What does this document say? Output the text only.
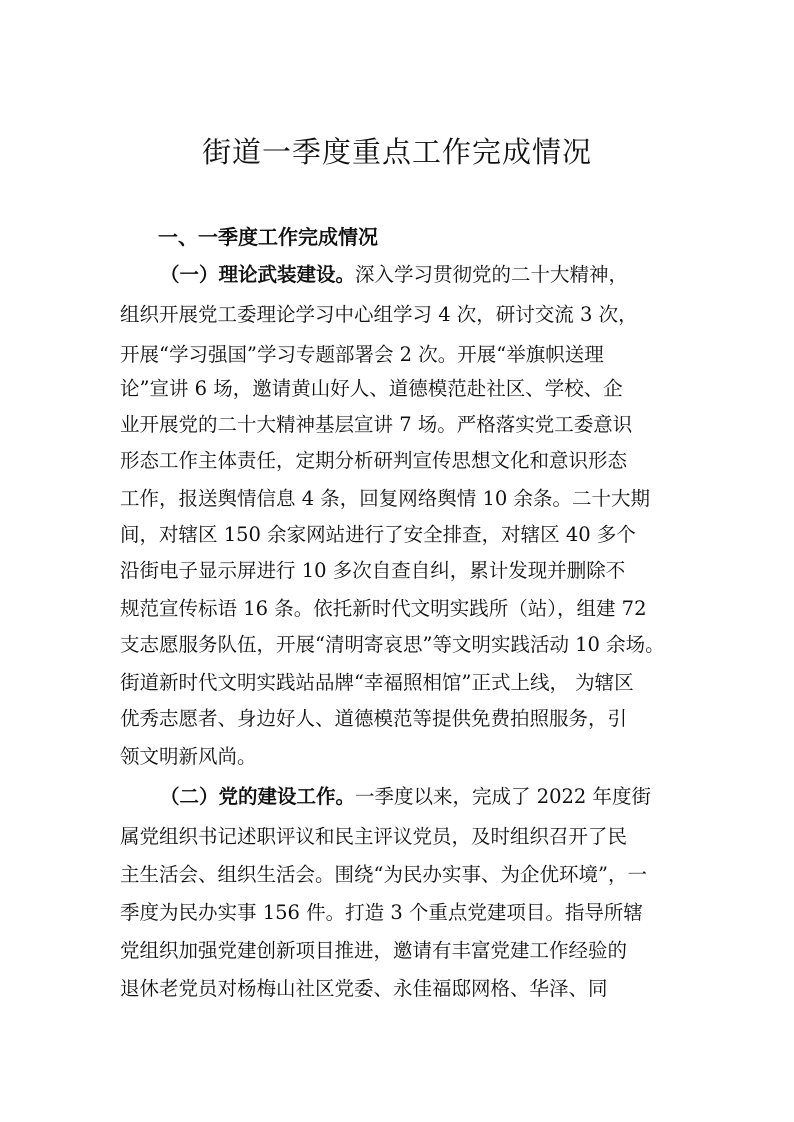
街道一季度重点工作完成情况
一、一季度工作完成情况
（一）理论武装建设。深入学习贯彻党的二十大精神，
组织开展党工委理论学习中心组学习 4 次，研讨交流 3 次，
开展“学习强国”学习专题部署会 2 次。开展“举旗帜送理
论”宣讲 6 场，邀请黄山好人、道德模范赴社区、学校、企
业开展党的二十大精神基层宣讲 7 场。严格落实党工委意识
形态工作主体责任，定期分析研判宣传思想文化和意识形态
工作，报送舆情信息 4 条，回复网络舆情 10 余条。二十大期
间，对辖区 150 余家网站进行了安全排查，对辖区 40 多个
沿街电子显示屏进行 10 多次自查自纠，累计发现并删除不
规范宣传标语 16 条。依托新时代文明实践所（站），组建 72
支志愿服务队伍，开展“清明寄哀思”等文明实践活动 10 余场。
街道新时代文明实践站品牌“幸福照相馆”正式上线， 为辖区
优秀志愿者、身边好人、道德模范等提供免费拍照服务，引
领文明新风尚。
（二）党的建设工作。一季度以来，完成了 2022 年度街
属党组织书记述职评议和民主评议党员，及时组织召开了民
主生活会、组织生活会。围绕“为民办实事、为企优环境”，一
季度为民办实事 156 件。打造 3 个重点党建项目。指导所辖
党组织加强党建创新项目推进，邀请有丰富党建工作经验的
退休老党员对杨梅山社区党委、永佳福邸网格、华泽、同
